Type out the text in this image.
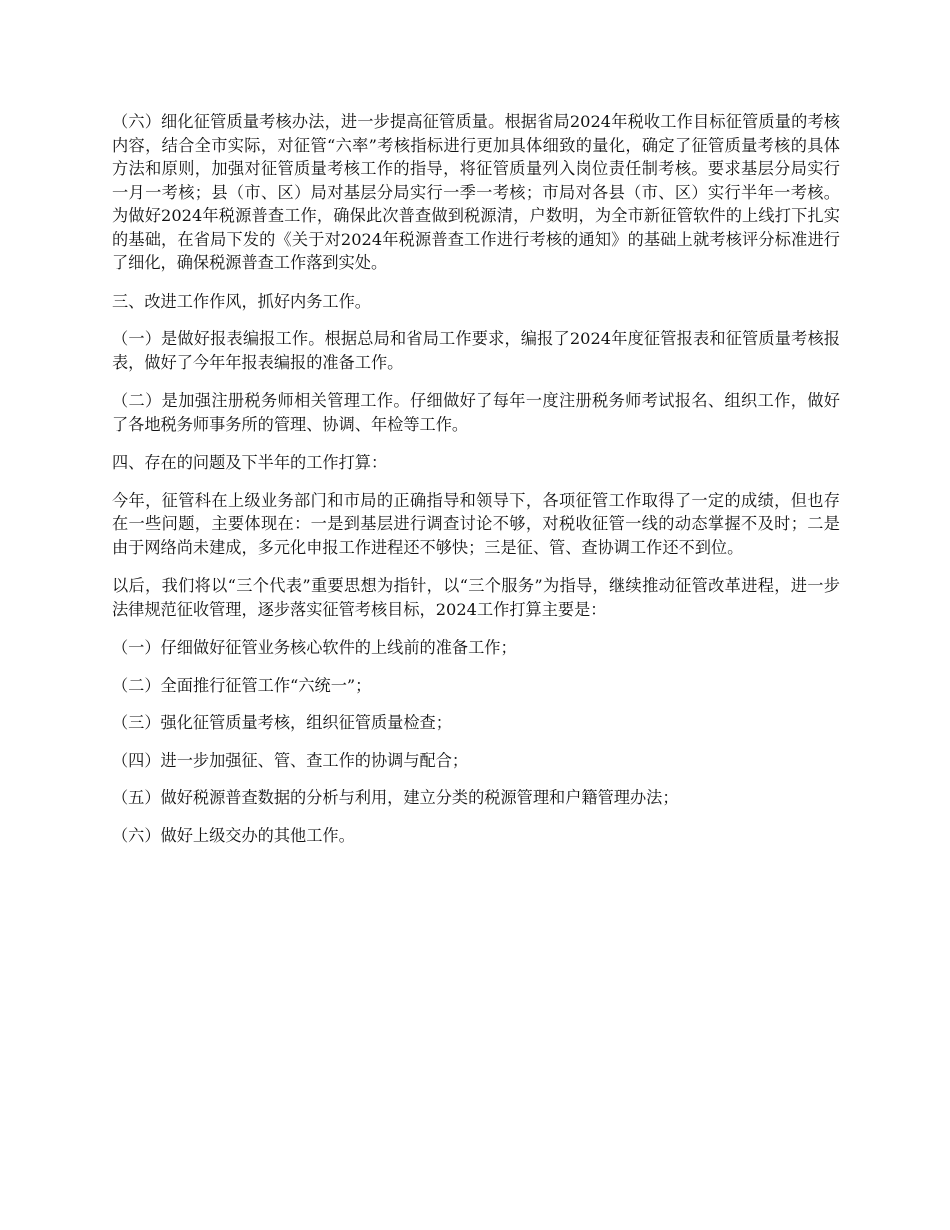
（六）细化征管质量考核办法，进一步提高征管质量。根据省局2024年税收工作目标征管质量的考核内容，结合全市实际，对征管“六率”考核指标进行更加具体细致的量化，确定了征管质量考核的具体方法和原则，加强对征管质量考核工作的指导，将征管质量列入岗位责任制考核。要求基层分局实行一月一考核；县（市、区）局对基层分局实行一季一考核；市局对各县（市、区）实行半年一考核。为做好2024年税源普查工作，确保此次普查做到税源清，户数明，为全市新征管软件的上线打下扎实的基础，在省局下发的《关于对2024年税源普查工作进行考核的通知》的基础上就考核评分标准进行了细化，确保税源普查工作落到实处。

三、改进工作作风，抓好内务工作。

（一）是做好报表编报工作。根据总局和省局工作要求，编报了2024年度征管报表和征管质量考核报表，做好了今年年报表编报的准备工作。

（二）是加强注册税务师相关管理工作。仔细做好了每年一度注册税务师考试报名、组织工作，做好了各地税务师事务所的管理、协调、年检等工作。

四、存在的问题及下半年的工作打算：

今年，征管科在上级业务部门和市局的正确指导和领导下，各项征管工作取得了一定的成绩，但也存在一些问题，主要体现在：一是到基层进行调查讨论不够，对税收征管一线的动态掌握不及时；二是由于网络尚未建成，多元化申报工作进程还不够快；三是征、管、查协调工作还不到位。

以后，我们将以“三个代表”重要思想为指针，以“三个服务”为指导，继续推动征管改革进程，进一步法律规范征收管理，逐步落实征管考核目标，2024工作打算主要是：

（一）仔细做好征管业务核心软件的上线前的准备工作；

（二）全面推行征管工作“六统一”；

（三）强化征管质量考核，组织征管质量检查；

（四）进一步加强征、管、查工作的协调与配合；

（五）做好税源普查数据的分析与利用，建立分类的税源管理和户籍管理办法；

（六）做好上级交办的其他工作。
